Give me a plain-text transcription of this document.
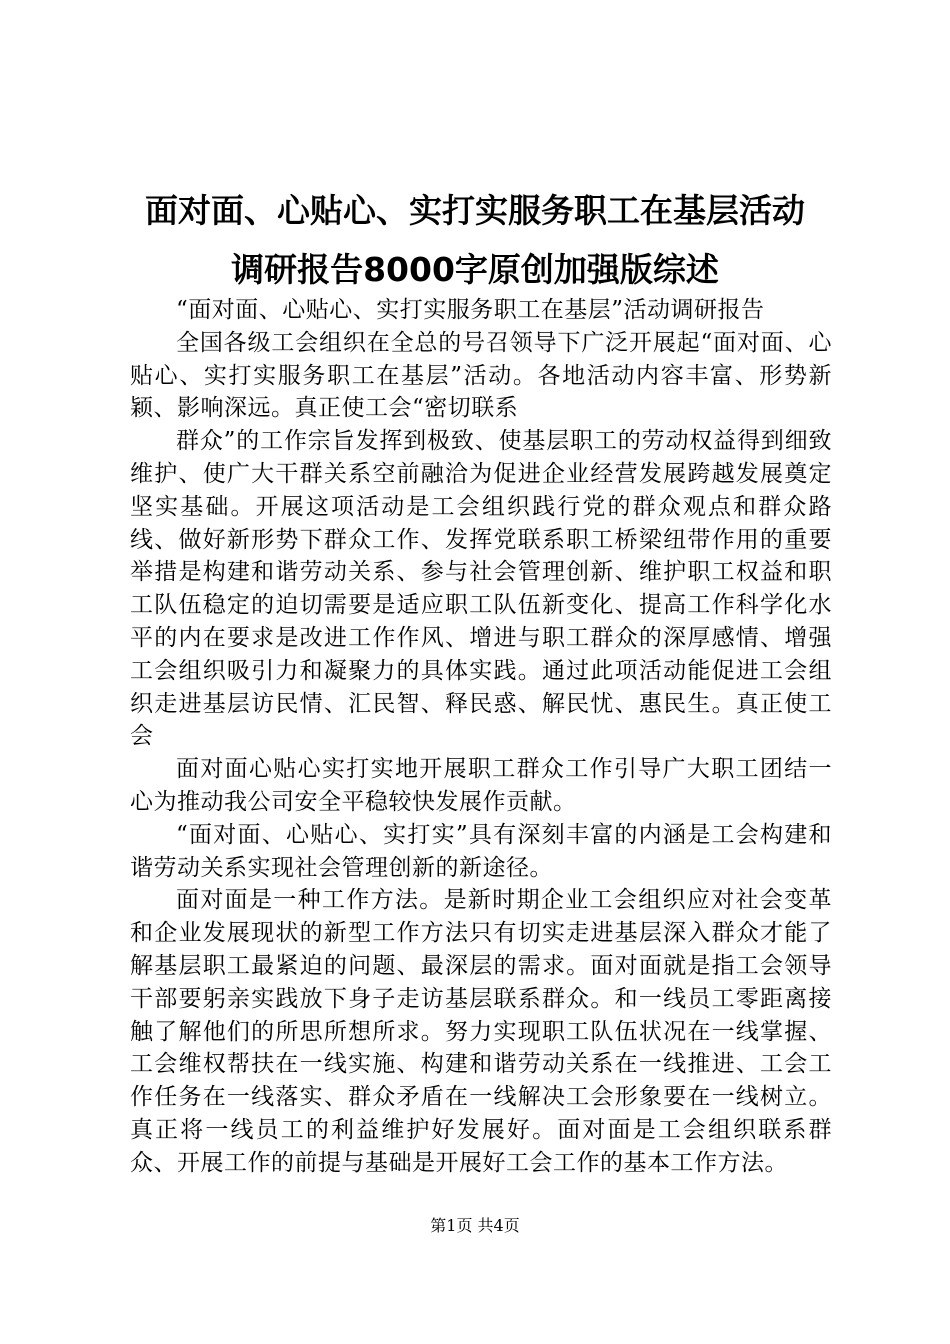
面对面、心贴心、实打实服务职工在基层活动
调研报告8000字原创加强版综述

“面对面、心贴心、实打实服务职工在基层”活动调研报告

全国各级工会组织在全总的号召领导下广泛开展起“面对面、心贴心、实打实服务职工在基层”活动。各地活动内容丰富、形势新颖、影响深远。真正使工会“密切联系

群众”的工作宗旨发挥到极致、使基层职工的劳动权益得到细致维护、使广大干群关系空前融洽为促进企业经营发展跨越发展奠定坚实基础。开展这项活动是工会组织践行党的群众观点和群众路线、做好新形势下群众工作、发挥党联系职工桥梁纽带作用的重要举措是构建和谐劳动关系、参与社会管理创新、维护职工权益和职工队伍稳定的迫切需要是适应职工队伍新变化、提高工作科学化水平的内在要求是改进工作作风、增进与职工群众的深厚感情、增强工会组织吸引力和凝聚力的具体实践。通过此项活动能促进工会组织走进基层访民情、汇民智、释民惑、解民忧、惠民生。真正使工会

面对面心贴心实打实地开展职工群众工作引导广大职工团结一心为推动我公司安全平稳较快发展作贡献。

“面对面、心贴心、实打实”具有深刻丰富的内涵是工会构建和谐劳动关系实现社会管理创新的新途径。

面对面是一种工作方法。是新时期企业工会组织应对社会变革和企业发展现状的新型工作方法只有切实走进基层深入群众才能了解基层职工最紧迫的问题、最深层的需求。面对面就是指工会领导干部要躬亲实践放下身子走访基层联系群众。和一线员工零距离接触了解他们的所思所想所求。努力实现职工队伍状况在一线掌握、工会维权帮扶在一线实施、构建和谐劳动关系在一线推进、工会工作任务在一线落实、群众矛盾在一线解决工会形象要在一线树立。真正将一线员工的利益维护好发展好。面对面是工会组织联系群众、开展工作的前提与基础是开展好工会工作的基本工作方法。

第1页 共4页
